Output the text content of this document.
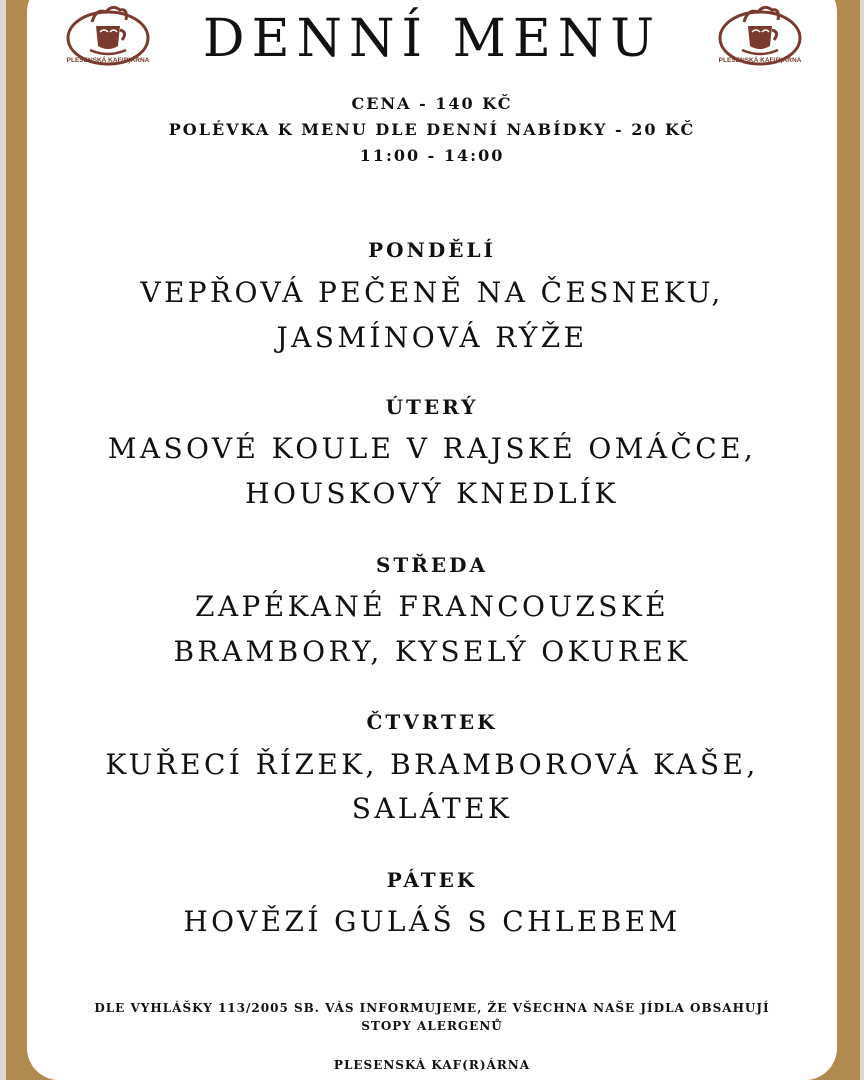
PLESENSKÁ KAF(R)ÁRNA	PLESENSKÁ KAF(R)ÁRNA
DENNÍ MENU
CENA - 140 KČ
POLÉVKA K MENU DLE DENNÍ NABÍDKY - 20 KČ
11:00 - 14:00
PONDĚLÍ
VEPŘOVÁ PEČENĚ NA ČESNEKU,
JASMÍNOVÁ RÝŽE
ÚTERÝ
MASOVÉ KOULE V RAJSKÉ OMÁČCE,
HOUSKOVÝ KNEDLÍK
STŘEDA
ZAPÉKANÉ FRANCOUZSKÉ
BRAMBORY, KYSELÝ OKUREK
ČTVRTEK
KUŘECÍ ŘÍZEK, BRAMBOROVÁ KAŠE,
SALÁTEK
PÁTEK
HOVĚZÍ GULÁŠ S CHLEBEM
DLE VYHLÁŠKY 113/2005 SB. VÁS INFORMUJEME, ŽE VŠECHNA NAŠE JÍDLA OBSAHUJÍ
STOPY ALERGENŮ
PLESENSKÁ KAF(R)ÁRNA
